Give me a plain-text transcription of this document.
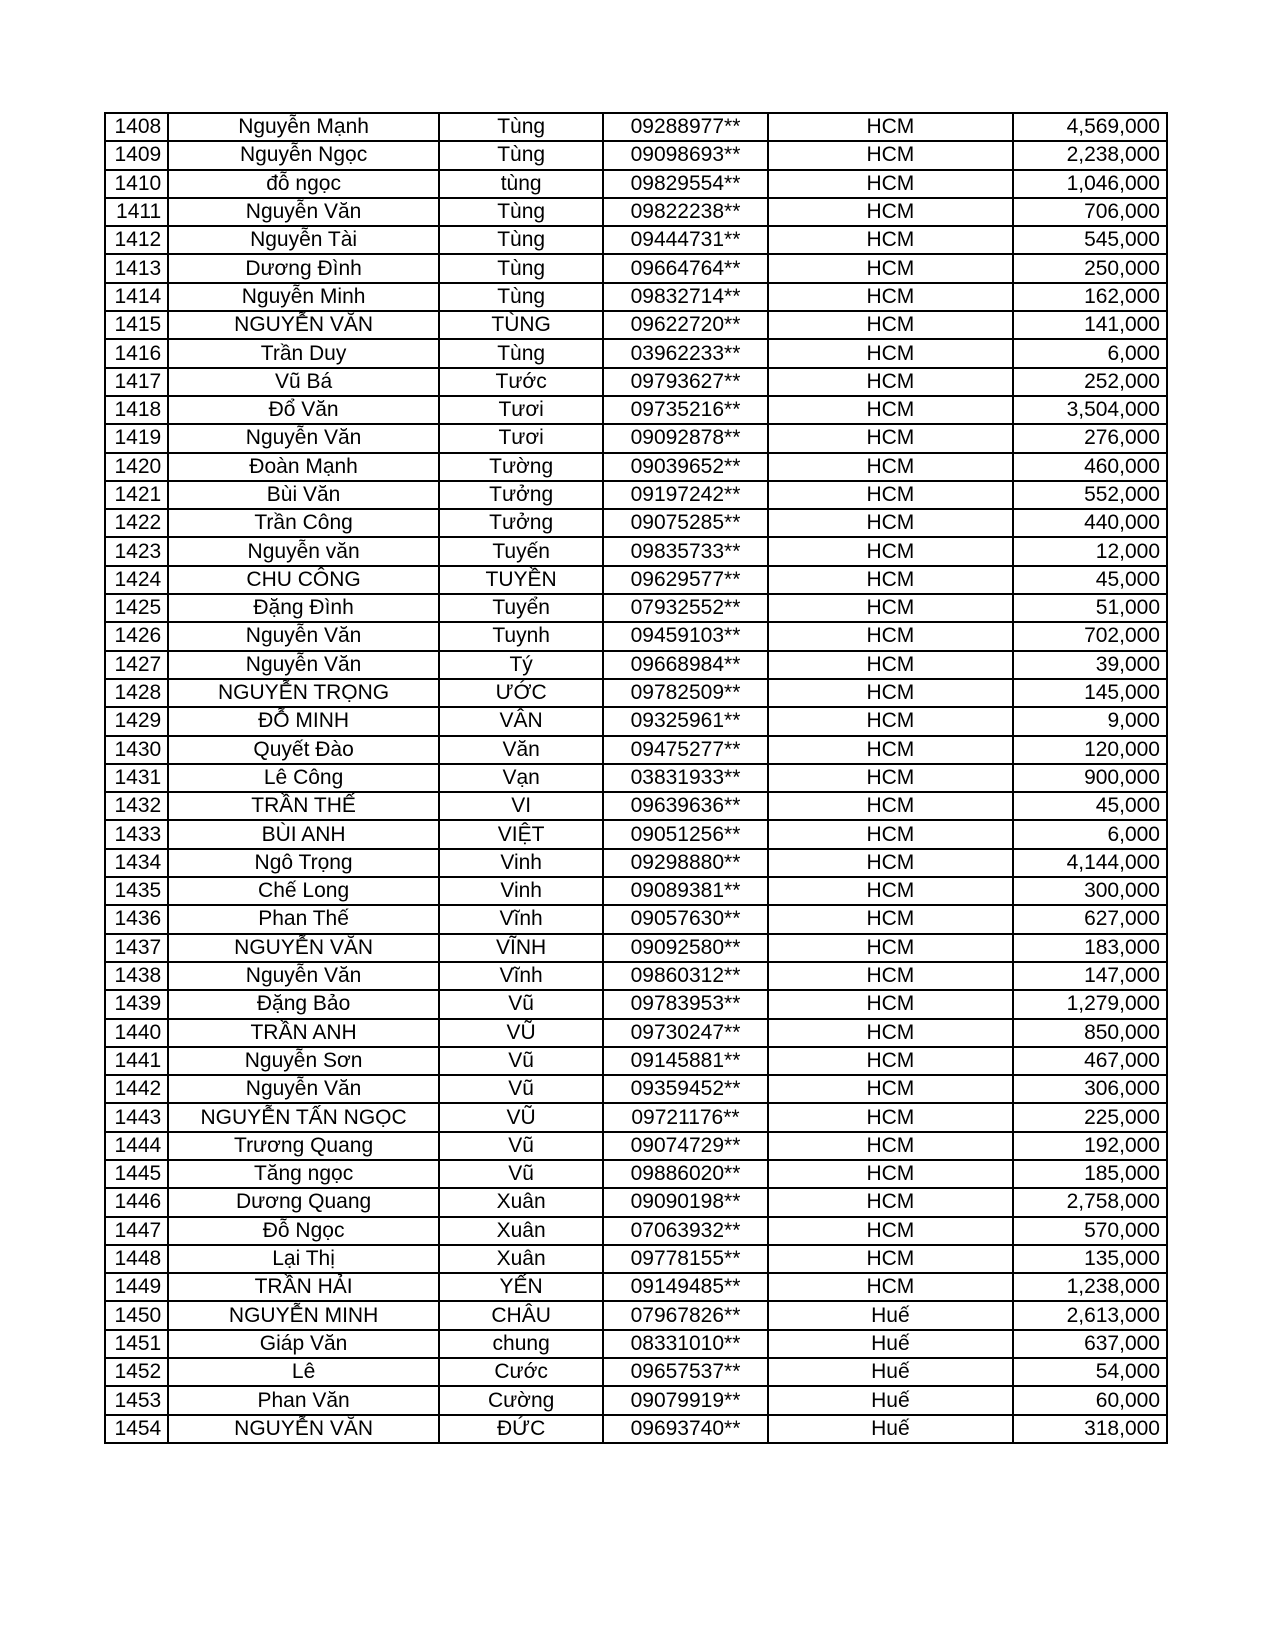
1408	Nguyễn Mạnh	Tùng	09288977**	HCM	4,569,000
1409	Nguyễn Ngọc	Tùng	09098693**	HCM	2,238,000
1410	đỗ ngọc	tùng	09829554**	HCM	1,046,000
1411	Nguyễn Văn	Tùng	09822238**	HCM	706,000
1412	Nguyễn Tài	Tùng	09444731**	HCM	545,000
1413	Dương Đình	Tùng	09664764**	HCM	250,000
1414	Nguyễn Minh	Tùng	09832714**	HCM	162,000
1415	NGUYỄN VĂN	TÙNG	09622720**	HCM	141,000
1416	Trần Duy	Tùng	03962233**	HCM	6,000
1417	Vũ Bá	Tước	09793627**	HCM	252,000
1418	Đổ Văn	Tươi	09735216**	HCM	3,504,000
1419	Nguyễn Văn	Tươi	09092878**	HCM	276,000
1420	Đoàn Mạnh	Tường	09039652**	HCM	460,000
1421	Bùi Văn	Tưởng	09197242**	HCM	552,000
1422	Trần Công	Tưởng	09075285**	HCM	440,000
1423	Nguyễn văn	Tuyến	09835733**	HCM	12,000
1424	CHU CÔNG	TUYỀN	09629577**	HCM	45,000
1425	Đặng Đình	Tuyển	07932552**	HCM	51,000
1426	Nguyễn Văn	Tuynh	09459103**	HCM	702,000
1427	Nguyễn Văn	Tý	09668984**	HCM	39,000
1428	NGUYỄN TRỌNG	ƯỚC	09782509**	HCM	145,000
1429	ĐỖ MINH	VÂN	09325961**	HCM	9,000
1430	Quyết Đào	Văn	09475277**	HCM	120,000
1431	Lê Công	Vạn	03831933**	HCM	900,000
1432	TRẦN THẾ	VI	09639636**	HCM	45,000
1433	BÙI ANH	VIỆT	09051256**	HCM	6,000
1434	Ngô Trọng	Vinh	09298880**	HCM	4,144,000
1435	Chế Long	Vinh	09089381**	HCM	300,000
1436	Phan Thế	Vĩnh	09057630**	HCM	627,000
1437	NGUYỄN VĂN	VĨNH	09092580**	HCM	183,000
1438	Nguyễn Văn	Vĩnh	09860312**	HCM	147,000
1439	Đặng Bảo	Vũ	09783953**	HCM	1,279,000
1440	TRẦN ANH	VŨ	09730247**	HCM	850,000
1441	Nguyễn Sơn	Vũ	09145881**	HCM	467,000
1442	Nguyễn Văn	Vũ	09359452**	HCM	306,000
1443	NGUYỄN TẤN NGỌC	VŨ	09721176**	HCM	225,000
1444	Trương Quang	Vũ	09074729**	HCM	192,000
1445	Tăng ngọc	Vũ	09886020**	HCM	185,000
1446	Dương Quang	Xuân	09090198**	HCM	2,758,000
1447	Đỗ Ngọc	Xuân	07063932**	HCM	570,000
1448	Lại Thị	Xuân	09778155**	HCM	135,000
1449	TRẦN HẢI	YẾN	09149485**	HCM	1,238,000
1450	NGUYỄN MINH	CHÂU	07967826**	Huế	2,613,000
1451	Giáp Văn	chung	08331010**	Huế	637,000
1452	Lê	Cước	09657537**	Huế	54,000
1453	Phan Văn	Cường	09079919**	Huế	60,000
1454	NGUYỄN VĂN	ĐỨC	09693740**	Huế	318,000
